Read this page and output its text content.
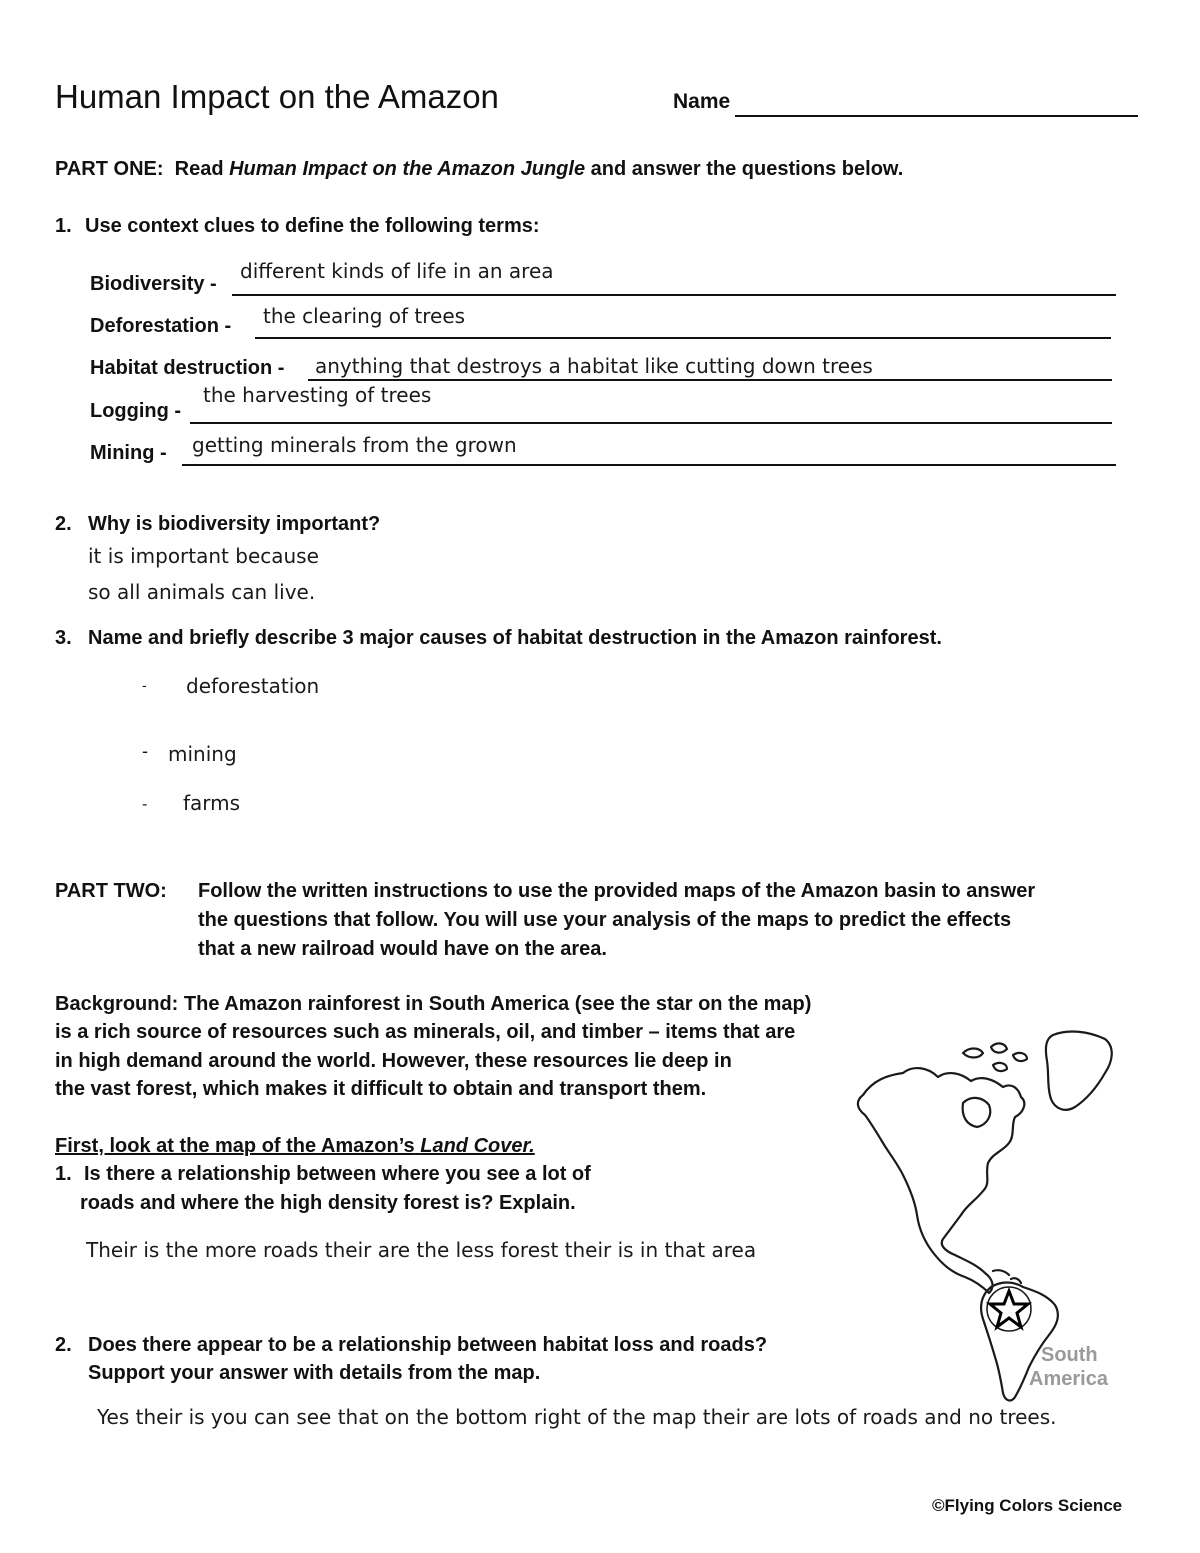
Human Impact on the Amazon	Name
PART ONE: Read Human Impact on the Amazon Jungle and answer the questions below.
1. Use context clues to define the following terms:
Biodiversity -
different kinds of life in an area
Deforestation - the clearing of trees
Habitat destruction - anything that destroys a habitat like cutting down trees
Logging -
the harvesting of trees
Mining - getting minerals from the grown
2. Why is biodiversity important?
it is important because
so all animals can live.
3. Name and briefly describe 3 major causes of habitat destruction in the Amazon rainforest.
- deforestation
- mining
- farms
PART TWO: Follow the written instructions to use the provided maps of the Amazon basin to answer
the questions that follow. You will use your analysis of the maps to predict the effects
that a new railroad would have on the area.
Background: The Amazon rainforest in South America (see the star on the map)
is a rich source of resources such as minerals, oil, and timber – items that are
in high demand around the world. However, these resources lie deep in
the vast forest, which makes it difficult to obtain and transport them.
First, look at the map of the Amazon’s Land Cover.
1. Is there a relationship between where you see a lot of
roads and where the high density forest is? Explain.
Their is the more roads their are the less forest their is in that area
2. Does there appear to be a relationship between habitat loss and roads?
Support your answer with details from the map.
Yes their is you can see that on the bottom right of the map their are lots of roads and no trees.
South
America
©Flying Colors Science
